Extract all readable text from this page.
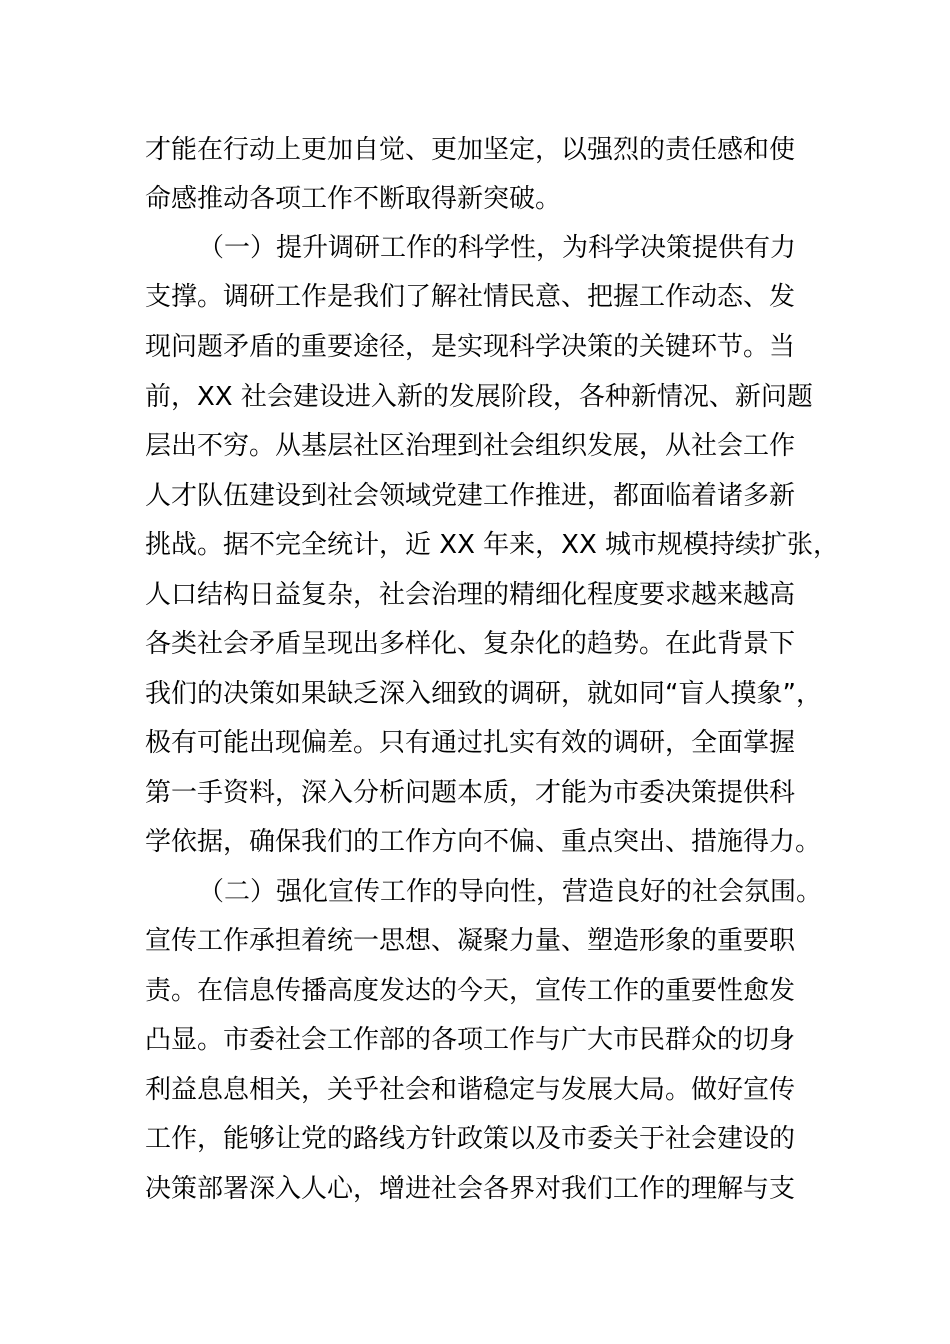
才能在行动上更加自觉、更加坚定，以强烈的责任感和使

命感推动各项工作不断取得新突破。

（一）提升调研工作的科学性，为科学决策提供有力

支撑。调研工作是我们了解社情民意、把握工作动态、发

现问题矛盾的重要途径，是实现科学决策的关键环节。当

前，XX 社会建设进入新的发展阶段，各种新情况、新问题

层出不穷。从基层社区治理到社会组织发展，从社会工作

人才队伍建设到社会领域党建工作推进，都面临着诸多新

挑战。据不完全统计，近 XX 年来，XX 城市规模持续扩张，

人口结构日益复杂，社会治理的精细化程度要求越来越高

各类社会矛盾呈现出多样化、复杂化的趋势。在此背景下

我们的决策如果缺乏深入细致的调研，就如同“盲人摸象”，

极有可能出现偏差。只有通过扎实有效的调研，全面掌握

第一手资料，深入分析问题本质，才能为市委决策提供科

学依据，确保我们的工作方向不偏、重点突出、措施得力。

（二）强化宣传工作的导向性，营造良好的社会氛围。

宣传工作承担着统一思想、凝聚力量、塑造形象的重要职

责。在信息传播高度发达的今天，宣传工作的重要性愈发

凸显。市委社会工作部的各项工作与广大市民群众的切身

利益息息相关，关乎社会和谐稳定与发展大局。做好宣传

工作，能够让党的路线方针政策以及市委关于社会建设的

决策部署深入人心，增进社会各界对我们工作的理解与支
